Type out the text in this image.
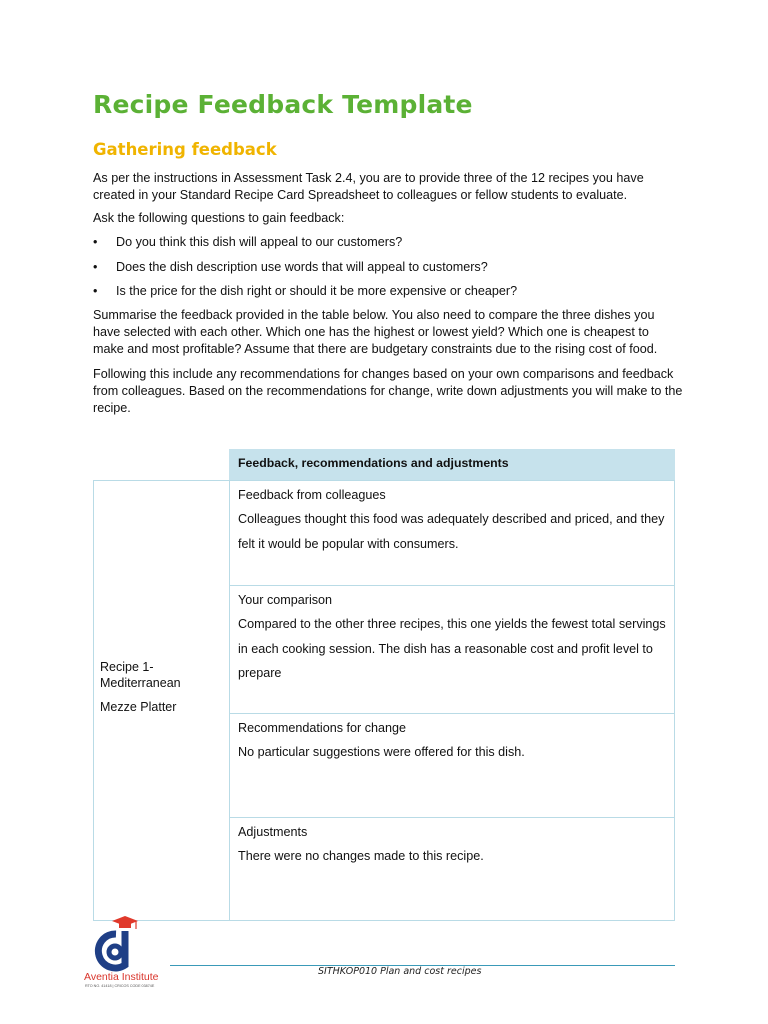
Recipe Feedback Template
Gathering feedback

As per the instructions in Assessment Task 2.4, you are to provide three of the 12 recipes you have created in your Standard Recipe Card Spreadsheet to colleagues or fellow students to evaluate.

Ask the following questions to gain feedback:

• Do you think this dish will appeal to our customers?
• Does the dish description use words that will appeal to customers?
• Is the price for the dish right or should it be more expensive or cheaper?

Summarise the feedback provided in the table below. You also need to compare the three dishes you have selected with each other. Which one has the highest or lowest yield? Which one is cheapest to make and most profitable? Assume that there are budgetary constraints due to the rising cost of food.

Following this include any recommendations for changes based on your own comparisons and feedback from colleagues. Based on the recommendations for change, write down adjustments you will make to the recipe.

Feedback, recommendations and adjustments

Recipe 1- Mediterranean

Mezze Platter

Feedback from colleagues

Colleagues thought this food was adequately described and priced, and they felt it would be popular with consumers.

Your comparison

Compared to the other three recipes, this one yields the fewest total servings in each cooking session. The dish has a reasonable cost and profit level to prepare

Recommendations for change

No particular suggestions were offered for this dish.

Adjustments

There were no changes made to this recipe.

Aventia Institute
RTO NO. 41418 | CRICOS CODE 03874E
SITHKOP010 Plan and cost recipes
